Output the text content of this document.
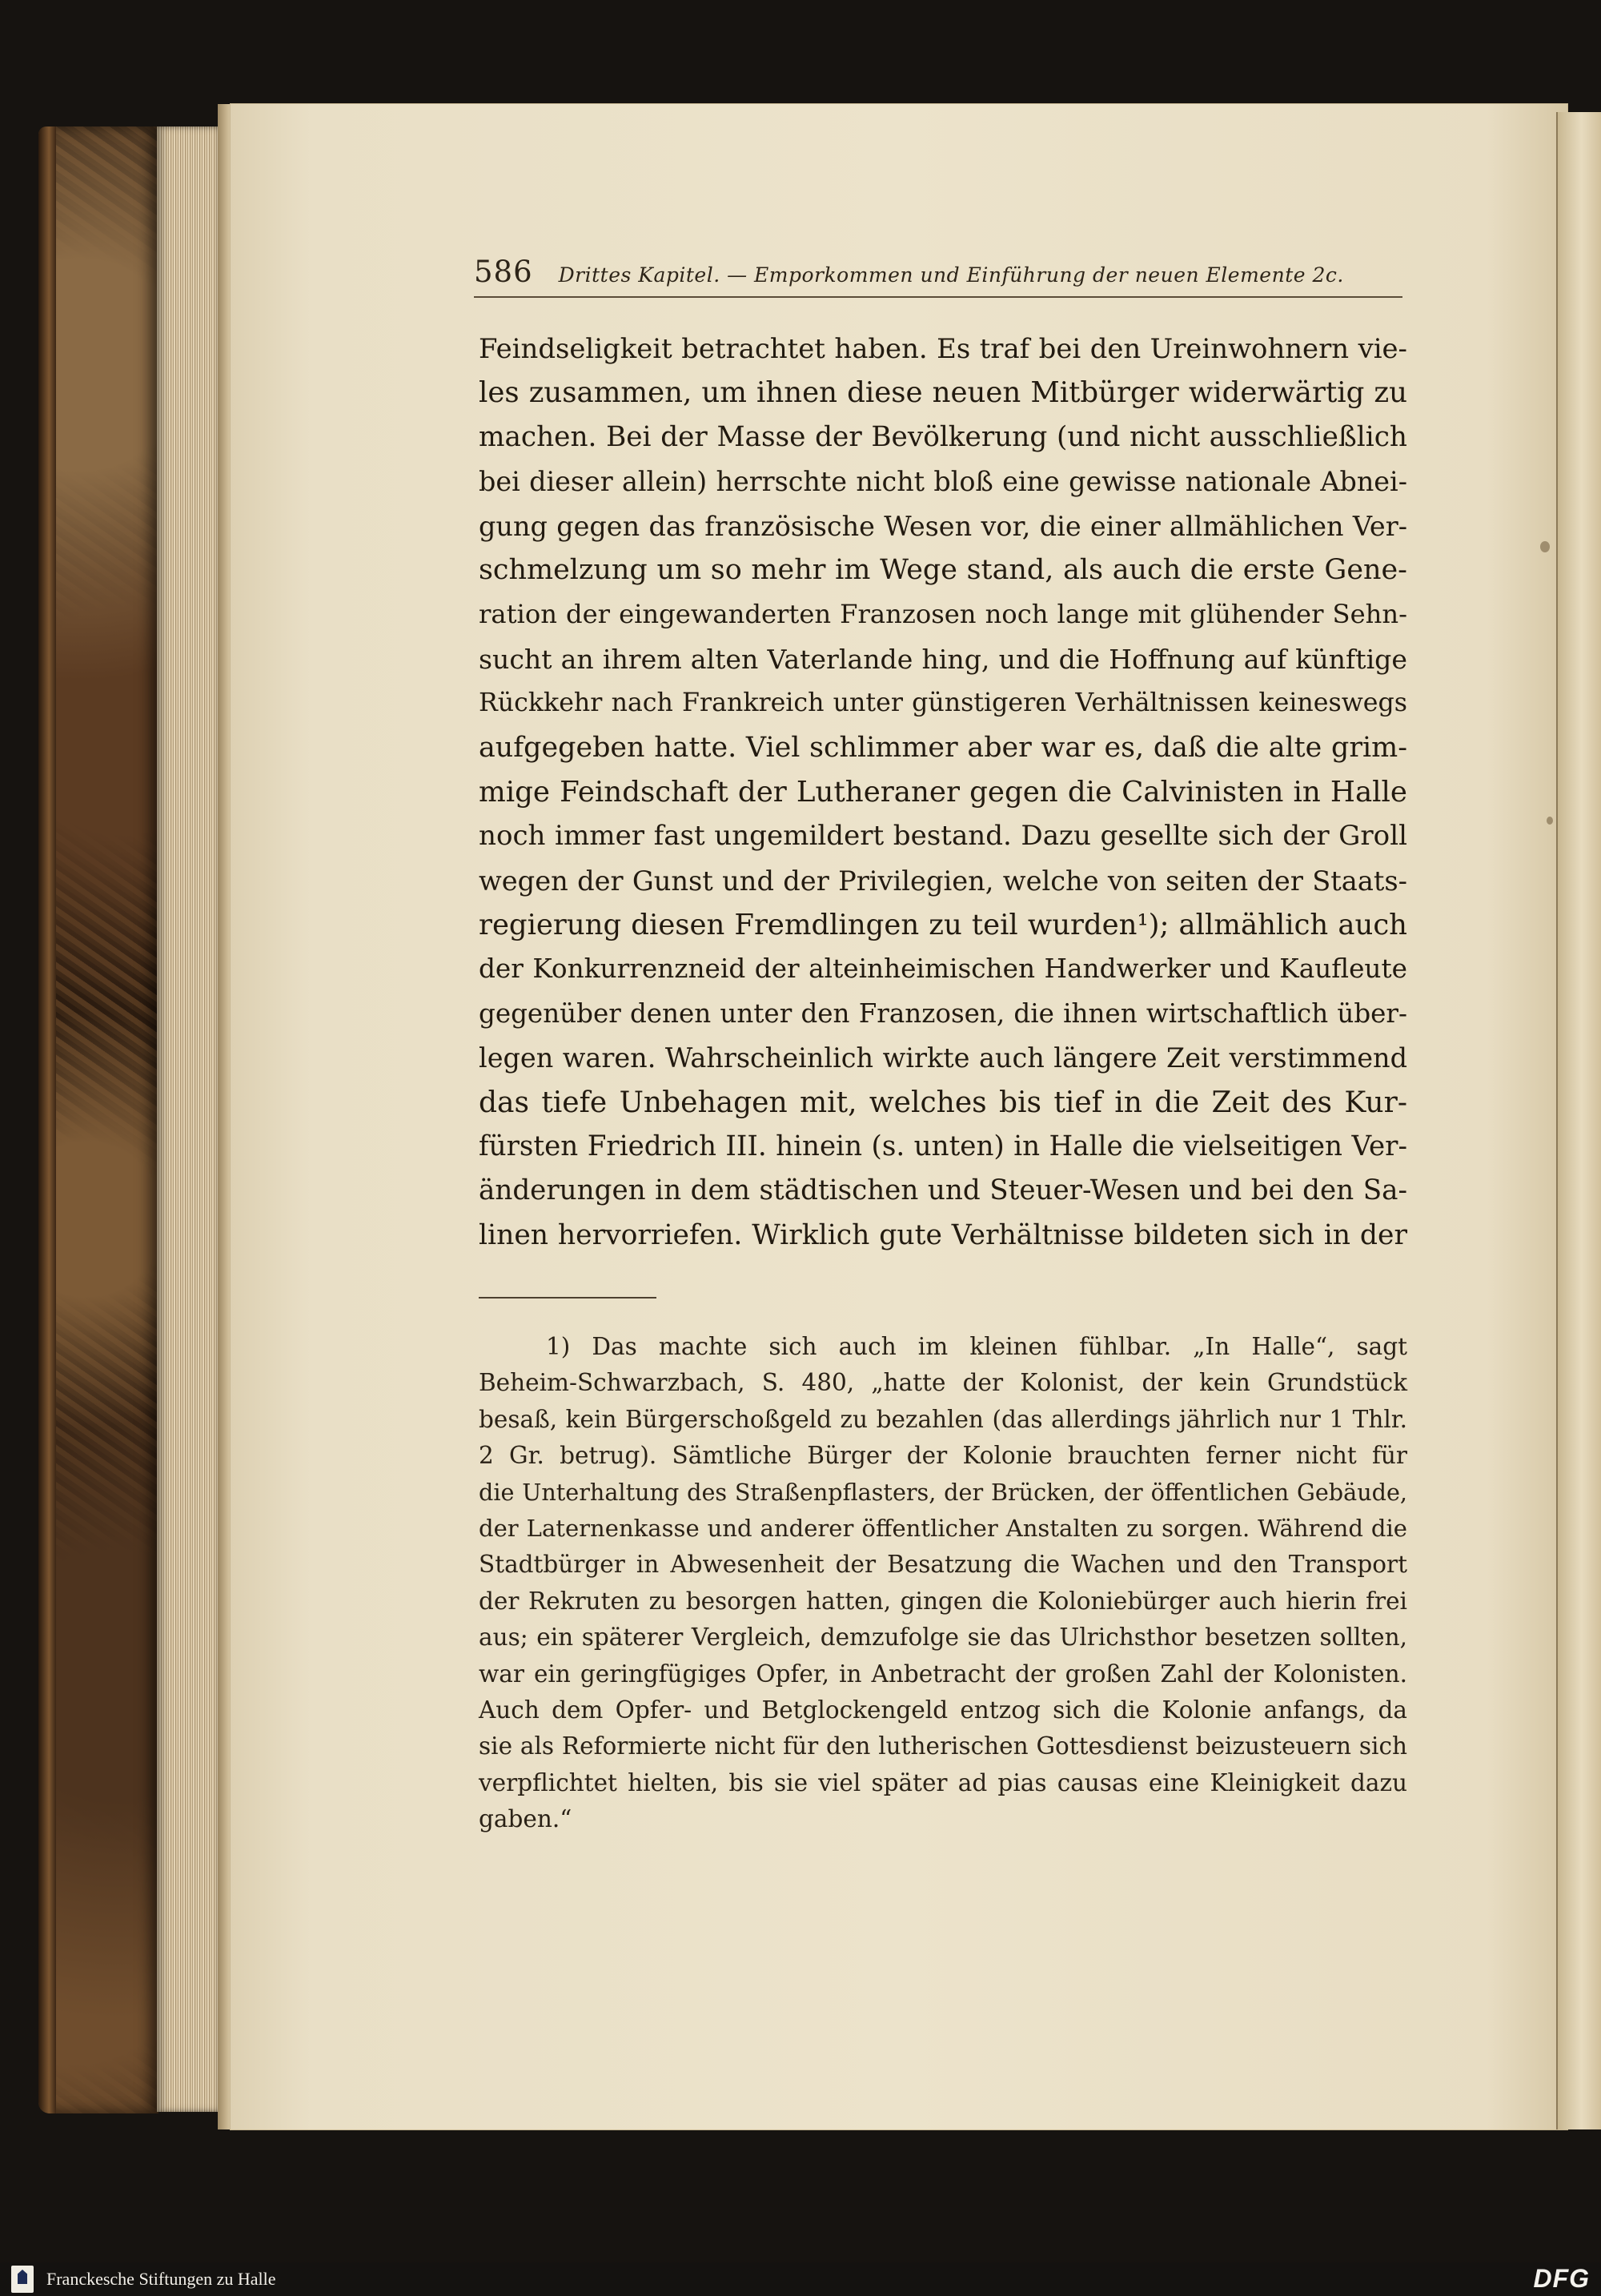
586 Drittes Kapitel. — Emporkommen und Einführung der neuen Elemente 2c.
Feindseligkeit betrachtet haben. Es traf bei den Ureinwohnern vie-
les zusammen, um ihnen diese neuen Mitbürger widerwärtig zu
machen. Bei der Masse der Bevölkerung (und nicht ausschließlich
bei dieser allein) herrschte nicht bloß eine gewisse nationale Abnei-
gung gegen das französische Wesen vor, die einer allmählichen Ver-
schmelzung um so mehr im Wege stand, als auch die erste Gene-
ration der eingewanderten Franzosen noch lange mit glühender Sehn-
sucht an ihrem alten Vaterlande hing, und die Hoffnung auf künftige
Rückkehr nach Frankreich unter günstigeren Verhältnissen keineswegs
aufgegeben hatte. Viel schlimmer aber war es, daß die alte grim-
mige Feindschaft der Lutheraner gegen die Calvinisten in Halle
noch immer fast ungemildert bestand. Dazu gesellte sich der Groll
wegen der Gunst und der Privilegien, welche von seiten der Staats-
regierung diesen Fremdlingen zu teil wurden¹); allmählich auch
der Konkurrenzneid der alteinheimischen Handwerker und Kaufleute
gegenüber denen unter den Franzosen, die ihnen wirtschaftlich über-
legen waren. Wahrscheinlich wirkte auch längere Zeit verstimmend
das tiefe Unbehagen mit, welches bis tief in die Zeit des Kur-
fürsten Friedrich III. hinein (s. unten) in Halle die vielseitigen Ver-
änderungen in dem städtischen und Steuer-Wesen und bei den Sa-
linen hervorriefen. Wirklich gute Verhältnisse bildeten sich in der
1) Das machte sich auch im kleinen fühlbar. „In Halle“, sagt
Beheim-Schwarzbach, S. 480, „hatte der Kolonist, der kein Grundstück
besaß, kein Bürgerschoßgeld zu bezahlen (das allerdings jährlich nur 1 Thlr.
2 Gr. betrug). Sämtliche Bürger der Kolonie brauchten ferner nicht für
die Unterhaltung des Straßenpflasters, der Brücken, der öffentlichen Gebäude,
der Laternenkasse und anderer öffentlicher Anstalten zu sorgen. Während die
Stadtbürger in Abwesenheit der Besatzung die Wachen und den Transport
der Rekruten zu besorgen hatten, gingen die Koloniebürger auch hierin frei
aus; ein späterer Vergleich, demzufolge sie das Ulrichsthor besetzen sollten,
war ein geringfügiges Opfer, in Anbetracht der großen Zahl der Kolonisten.
Auch dem Opfer- und Betglockengeld entzog sich die Kolonie anfangs, da
sie als Reformierte nicht für den lutherischen Gottesdienst beizusteuern sich
verpflichtet hielten, bis sie viel später ad pias causas eine Kleinigkeit dazu
gaben.“
Franckesche Stiftungen zu Halle	DFG
